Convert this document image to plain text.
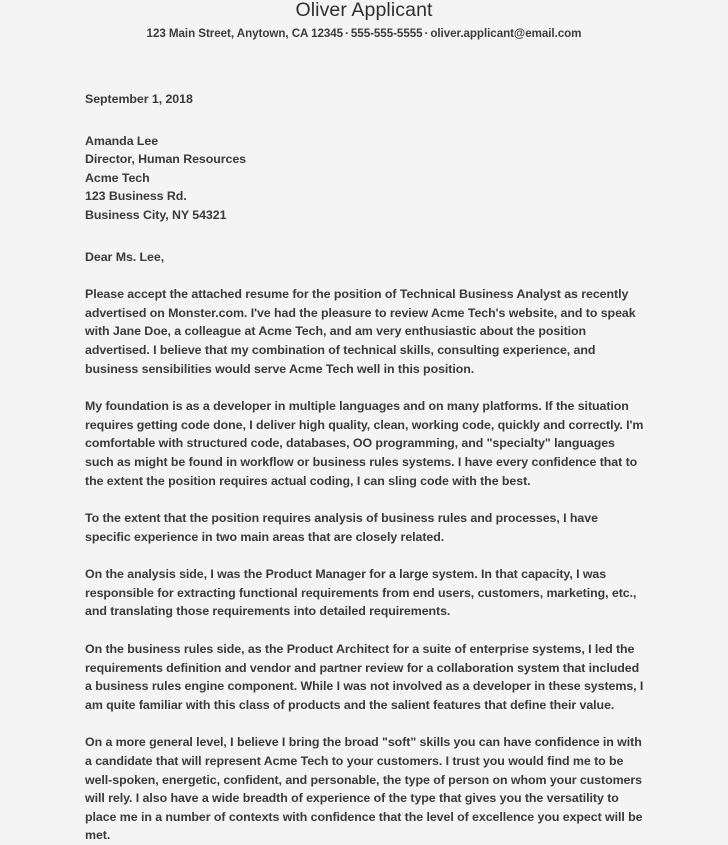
Oliver Applicant
123 Main Street, Anytown, CA 12345 · 555-555-5555 · oliver.applicant@email.com
September 1, 2018
Amanda Lee
Director, Human Resources
Acme Tech
123 Business Rd.
Business City, NY 54321
Dear Ms. Lee,

Please accept the attached resume for the position of Technical Business Analyst as recently advertised on Monster.com. I've had the pleasure to review Acme Tech's website, and to speak with Jane Doe, a colleague at Acme Tech, and am very enthusiastic about the position advertised. I believe that my combination of technical skills, consulting experience, and business sensibilities would serve Acme Tech well in this position.

My foundation is as a developer in multiple languages and on many platforms. If the situation requires getting code done, I deliver high quality, clean, working code, quickly and correctly. I'm comfortable with structured code, databases, OO programming, and "specialty" languages such as might be found in workflow or business rules systems. I have every confidence that to the extent the position requires actual coding, I can sling code with the best.

To the extent that the position requires analysis of business rules and processes, I have specific experience in two main areas that are closely related.

On the analysis side, I was the Product Manager for a large system. In that capacity, I was responsible for extracting functional requirements from end users, customers, marketing, etc., and translating those requirements into detailed requirements.

On the business rules side, as the Product Architect for a suite of enterprise systems, I led the requirements definition and vendor and partner review for a collaboration system that included a business rules engine component. While I was not involved as a developer in these systems, I am quite familiar with this class of products and the salient features that define their value.

On a more general level, I believe I bring the broad "soft" skills you can have confidence in with a candidate that will represent Acme Tech to your customers. I trust you would find me to be well-spoken, energetic, confident, and personable, the type of person on whom your customers will rely. I also have a wide breadth of experience of the type that gives you the versatility to place me in a number of contexts with confidence that the level of excellence you expect will be met.
